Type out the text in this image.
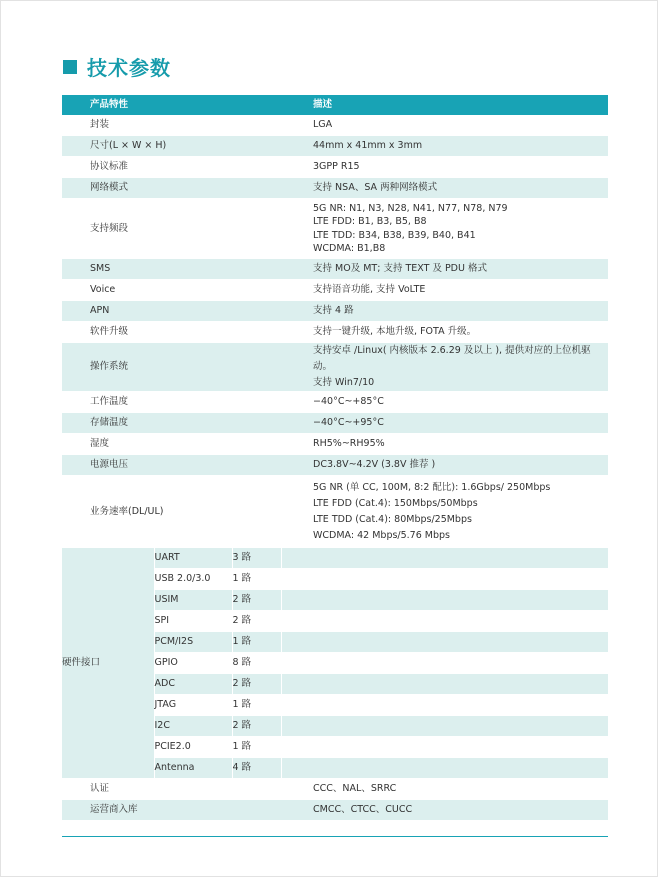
技术参数
产品特性			描述
封装			LGA
尺寸(L × W × H)			44mm x 41mm x 3mm
协议标准			3GPP R15
网络模式			支持 NSA、SA 两种网络模式
支持频段			5G NR: N1, N3, N28, N41, N77, N78, N79
LTE FDD: B1, B3, B5, B8
LTE TDD: B34, B38, B39, B40, B41
WCDMA: B1,B8

SMS			支持 MO及 MT; 支持 TEXT 及 PDU 格式
Voice			支持语音功能, 支持 VoLTE
APN			支持 4 路
软件升级			支持一键升级, 本地升级, FOTA 升级。
操作系统			支持安卓 /Linux( 内核版本 2.6.29 及以上 ), 提供对应的上位机驱动。
支持 Win7/10

工作温度			−40°C~+85°C
存储温度			−40°C~+95°C
湿度			RH5%~RH95%
电源电压			DC3.8V~4.2V (3.8V 推荐 )
业务速率(DL/UL)			5G NR (单 CC, 100M, 8:2 配比): 1.6Gbps/ 250Mbps
LTE FDD (Cat.4): 150Mbps/50Mbps
LTE TDD (Cat.4): 80Mbps/25Mbps
WCDMA: 42 Mbps/5.76 Mbps

硬件接口	UART	3 路	
	USB 2.0/3.0	1 路	
	USIM	2 路	
	SPI	2 路	
	PCM/I2S	1 路	
	GPIO	8 路	
	ADC	2 路	
	JTAG	1 路	
	I2C	2 路	
	PCIE2.0	1 路	
	Antenna	4 路	
认证			CCC、NAL、SRRC
运营商入库			CMCC、CTCC、CUCC
